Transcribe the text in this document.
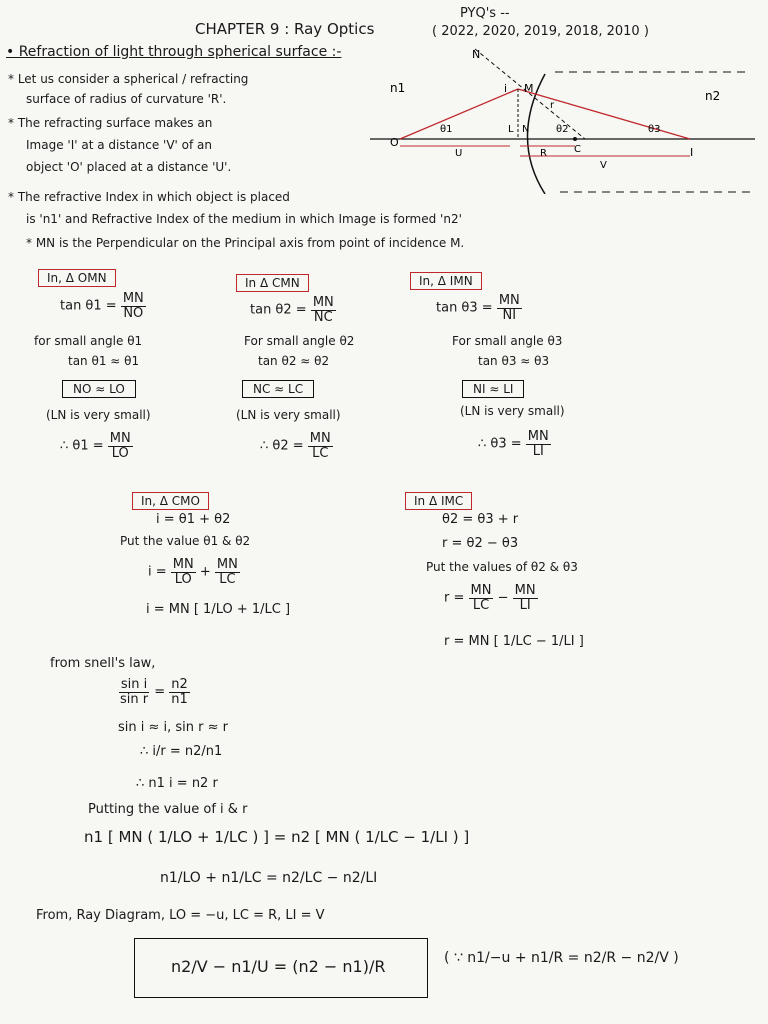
PYQ's --
CHAPTER 9 : Ray Optics	( 2022, 2020, 2019, 2018, 2010 )
• Refraction of light through spherical surface :-
* Let us consider a spherical / refracting
surface of radius of curvature 'R'.
* The refracting surface makes an
Image 'I' at a distance 'V' of an
object 'O' placed at a distance 'U'.
* The refractive Index in which object is placed
is 'n1' and Refractive Index of the medium in which Image is formed 'n2'
* MN is the Perpendicular on the Principal axis from point of incidence M.
N
n1
n2
i M
r
θ1	θ2	θ3
L N
O
U	R	C
V
I
In, Δ OMN
$\tan \theta 1 = \frac{MN}{NO}$
for small angle θ1
tan θ1 ≈ θ1
NO ≈ LO
(LN is very small)
∴ $\theta 1 = \frac{MN}{LO}$
In Δ CMN
$\tan \theta 2 = \frac{MN}{NC}$
For small angle θ2
tan θ2 ≈ θ2
NC ≈ LC
(LN is very small)
∴ $\theta 2 = \frac{MN}{LC}$
In, Δ IMN
$\tan \theta 3 = \frac{MN}{NI}$
For small angle θ3
tan θ3 ≈ θ3
NI ≈ LI
(LN is very small)
∴ $\theta 3 = \frac{MN}{LI}$
In, Δ CMO
i = θ1 + θ2
Put the value θ1 & θ2
$i = \frac{MN}{LO} + \frac{MN}{LC}$
i = MN [ 1/LO + 1/LC ]
In Δ IMC
θ2 = θ3 + r
r = θ2 − θ3
Put the values of θ2 & θ3
$r = \frac{MN}{LC} - \frac{MN}{LI}$
r = MN [ 1/LC − 1/LI ]
from snell's law,
$\frac{\text{sin i}}{\text{sin r}} = \frac{n2}{n1}$
sin i ≈ i, sin r ≈ r
∴ i/r = n2/n1
∴ n1 i = n2 r
Putting the value of i & r
n1 [ MN ( 1/LO + 1/LC ) ] = n2 [ MN ( 1/LC − 1/LI ) ]
n1/LO + n1/LC = n2/LC − n2/LI
From, Ray Diagram, LO = −u, LC = R, LI = V
n2/V − n1/U = (n2 − n1)/R	( ∵ n1/−u + n1/R = n2/R − n2/V )
